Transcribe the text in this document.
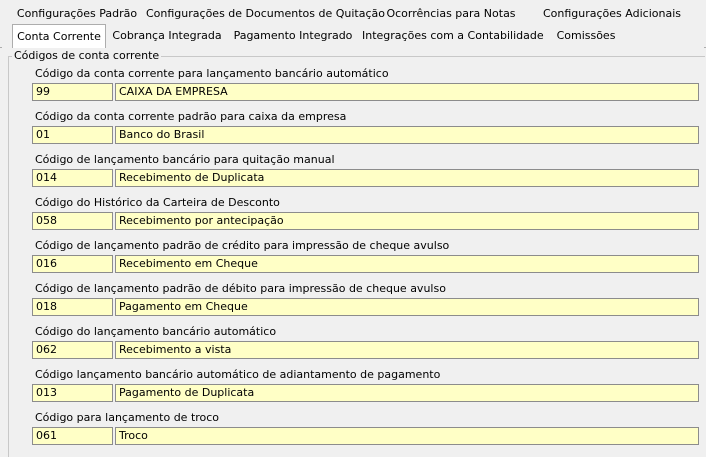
Configurações Padrão Configurações de Documentos de Quitação Ocorrências para Notas	Configurações Adicionais
Conta Corrente	Cobrança Integrada Pagamento Integrado Integrações com a Contabilidade	Comissões
Códigos de conta corrente
Código da conta corrente para lançamento bancário automático
99	CAIXA DA EMPRESA
Código da conta corrente padrão para caixa da empresa
01	Banco do Brasil
Código de lançamento bancário para quitação manual
014	Recebimento de Duplicata
Código do Histórico da Carteira de Desconto
058	Recebimento por antecipação
Código de lançamento padrão de crédito para impressão de cheque avulso
016	Recebimento em Cheque
Código de lançamento padrão de débito para impressão de cheque avulso
018	Pagamento em Cheque
Código do lançamento bancário automático
062	Recebimento a vista
Código lançamento bancário automático de adiantamento de pagamento
013	Pagamento de Duplicata
Código para lançamento de troco
061	Troco
